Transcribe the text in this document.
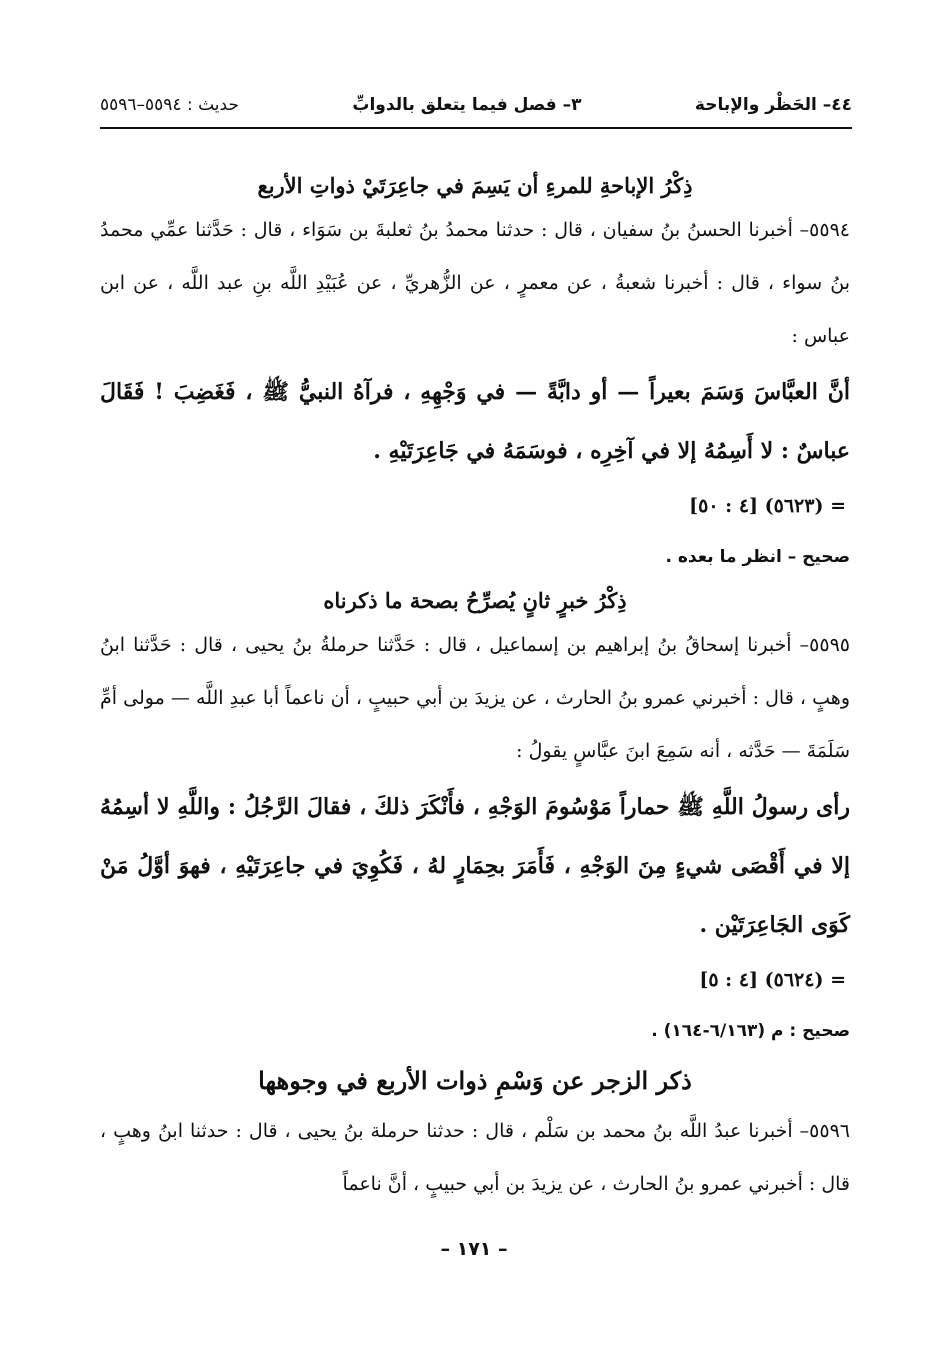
٤٤– الحَظْر والإباحة
٣– فصل فيما يتعلق بالدوابِّ
حديث : ٥٥٩٤–٥٥٩٦

ذِكْرُ الإباحةِ للمرءِ أن يَسِمَ في جاعِرَتَيْ ذواتِ الأربع

٥٥٩٤– أخبرنا الحسنُ بنُ سفيان ، قال : حدثنا محمدُ بنُ ثعلبةَ بن سَوَاء ، قال : حَدَّثنا عمِّي محمدُ بنُ سواء ، قال : أخبرنا شعبةُ ، عن معمرٍ ، عن الزُّهريِّ ، عن عُبَيْدِ اللَّه بنِ عبد اللَّه ، عن ابن عباس :

أنَّ العبَّاسَ وَسَمَ بعيراً — أو دابَّةً — في وَجْهِهِ ، فرآهُ النبيُّ ﷺ ، فَغَضِبَ ! فَقَالَ عباسٌ : لا أَسِمُهُ إلا في آخِرِه ، فوسَمَهُ في جَاعِرَتَيْهِ .

= (٥٦٢٣) [٤ : ٥٠]

صحيح – انظر ما بعده .

ذِكْرُ خبرٍ ثانٍ يُصرِّحُ بصحة ما ذكرناه

٥٥٩٥– أخبرنا إسحاقُ بنُ إبراهيم بن إسماعيل ، قال : حَدَّثنا حرملةُ بنُ يحيى ، قال : حَدَّثنا ابنُ وهبٍ ، قال : أخبرني عمرو بنُ الحارث ، عن يزيدَ بن أبي حبيبٍ ، أن ناعماً أبا عبدِ اللَّه — مولى أمِّ سَلَمَةَ — حَدَّثه ، أنه سَمِعَ ابنَ عبَّاسٍ يقولُ :

رأى رسولُ اللَّهِ ﷺ حماراً مَوْسُومَ الوَجْهِ ، فأَنْكَرَ ذلكَ ، فقالَ الرَّجُلُ : واللَّهِ لا أسِمُهُ إلا في أَقْصَى شيءٍ مِنَ الوَجْهِ ، فَأَمَرَ بحِمَارٍ لهُ ، فَكُوِيَ في جاعِرَتَيْهِ ، فهوَ أوَّلُ مَنْ كَوَى الجَاعِرَتَيْن .

= (٥٦٢٤) [٤ : ٥]

صحيح : م (٦/١٦٣-١٦٤) .

ذكر الزجر عن وَسْمِ ذوات الأربع في وجوهها

٥٥٩٦– أخبرنا عبدُ اللَّه بنُ محمد بن سَلْم ، قال : حدثنا حرملة بنُ يحيى ، قال : حدثنا ابنُ وهبٍ ، قال : أخبرني عمرو بنُ الحارث ، عن يزيدَ بن أبي حبيبٍ ، أنَّ ناعماً

– ١٧١ –
